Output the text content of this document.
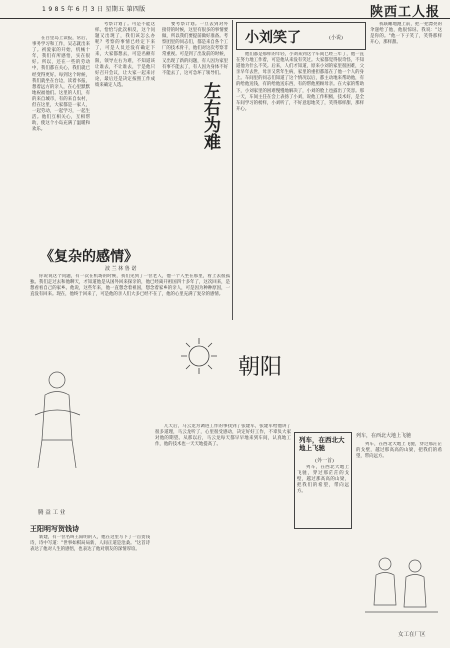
1 9 8 5 年 6 月 3 日 星期五 第四版	陕西工人报

在百里岛上读报，常后，事务学习和工作，吴志就出来了。初爱家的开始，机械十年，我们有所感悟，实在很好。所以，还在一些的劳动中，我们都在关心，我们就已经变得更好。每到这个时候，我们就坐在台边，读着书报，想着远方的亲人，在心里默默地祝福他们。这里的人们，有的来自城市，有的来自农村，但在这里，大家都是一家人，一起劳动，一起学习，一起生活。他们互相关心，互相帮助，使这个小岛充满了温暖和欢乐。

考察计划了。可是不能这样。恰恰与此次相反，这个问题又出现了，我们该怎么办呢？考察的事情已经定下来了，可是人员还没有确定下来，大家都想去，可是名额有限，领导左右为难，不知道该让谁去，不让谁去，于是他只好召开会议，让大家一起来讨论，最后还是决定按照工作成绩来确定人选。

要考察计划。一旦去到对外接待的时候，这里有很多的事情要做，所以我们要提前做好准备。考察团里的同志们，都是来自各个工厂的技术骨干，他们对这次考察非常重视。可是到了出发前的时候，又出现了新的问题，有人因为家里有事不能去了，有人因为身体不好不能去了，这可急坏了领导们。

左右为难
小刘笑了	(小说)

他们都是那样的年轻，小刘来到这个车间已经三年了，他一直在努力地工作着，可是他从来没有笑过。大家都觉得很奇怪，不知道他为什么不笑。后来，人们才知道，原来小刘的家里很困难，父亲早年去世，母亲又常年生病，家里的重担都落在了他一个人的身上。车间里的同志们知道了这个情况以后，都主动地来帮助他，有的给他送钱，有的给他送东西，有的帮他照顾母亲。在大家的帮助下，小刘家里的困难慢慢地解决了，小刘的脸上也露出了笑容。那一天，车间主任在会上表扬了小刘，说他工作积极，技术好，是全车间学习的榜样，小刘听了，不好意思地笑了，笑得那样甜，那样开心。

我联睡地跑上前，把一把漂亮的伞递给了他，他很惊讶。我说："这是你的。"他一下子笑了，笑得那样开心，那样甜。

《复杂的感情》
波 兰 林 鲁 诺

你说说这个问题，有一次在机场的时候，我们见到了一位老人，他一个人坐在那里，看上去很孤独。我们走过去和他聊天，才知道他是从国外回来探亲的，他已经离开祖国四十多年了，这次回来，是想看看自己的家乡。他说，这些年来，他一直想念着祖国，想念着家乡的亲人，可是因为种种原因，一直没有回来。现在，他终于回来了，可是他的亲人们大多已经不在了，他的心里充满了复杂的感情。

腾 益 工 业
朝阳

几天后，马云龙为调进工作的事找到了张建军，张建军给他讲了很多道理，马云龙听了，心里很受感动，决定好好工作，不辜负大家对他的期望。从那以后，马云龙每天都早早地来到车间，认真地工作，他的技术也一天天地提高了。

王阳明写贺钱诗

新建，有一位名叫王阳明的人，他在这里写下了一首贺钱诗，诗中写道："世事如棋局局新，人间正道是沧桑。"这首诗表达了他对人生的感悟，也表达了他对朋友的深情厚谊。

列车，在西北大地上飞驰
(外一首)

列车，在西北大地上飞驰，穿过那茫茫的戈壁，越过那高高的山梁，把我们的希望，带向远方。

列车，在西北大地上飞驰

列车，在西北大地上飞驰，穿过那茫茫的戈壁，越过那高高的山梁，把我们的希望，带向远方。

女工在厂区
